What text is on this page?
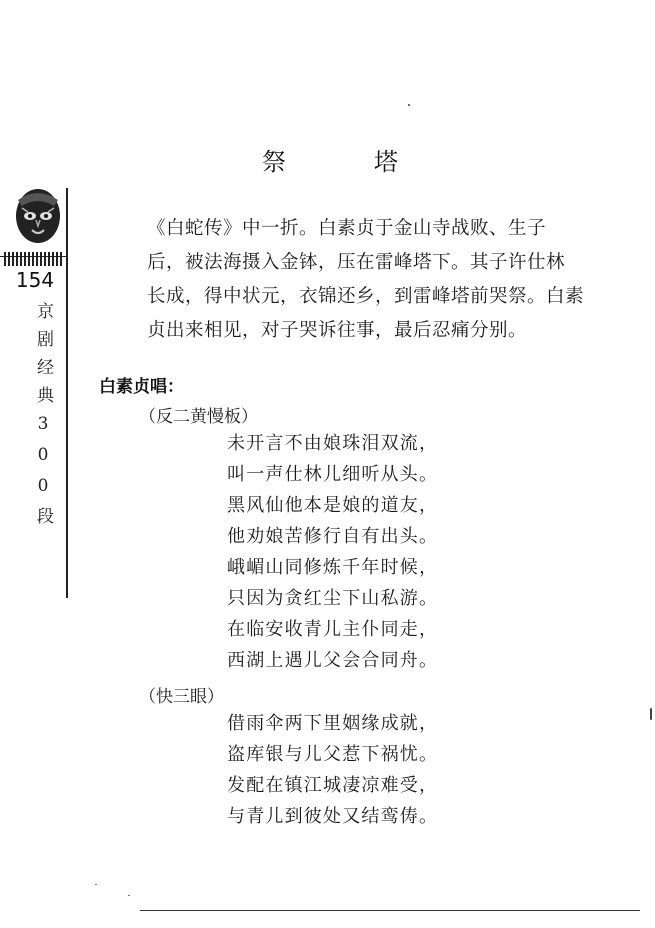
154
京剧经典300段
祭　塔

《白蛇传》中一折。白素贞于金山寺战败、生子
后，被法海摄入金钵，压在雷峰塔下。其子许仕林
长成，得中状元，衣锦还乡，到雷峰塔前哭祭。白素
贞出来相见，对子哭诉往事，最后忍痛分别。

白素贞唱：
（反二黄慢板）
未开言不由娘珠泪双流，
叫一声仕林儿细听从头。
黑风仙他本是娘的道友，
他劝娘苦修行自有出头。
峨嵋山同修炼千年时候，
只因为贪红尘下山私游。
在临安收青儿主仆同走，
西湖上遇儿父会合同舟。
（快三眼）
借雨伞两下里姻缘成就，
盗库银与儿父惹下祸忧。
发配在镇江城凄凉难受，
与青儿到彼处又结鸾俦。
